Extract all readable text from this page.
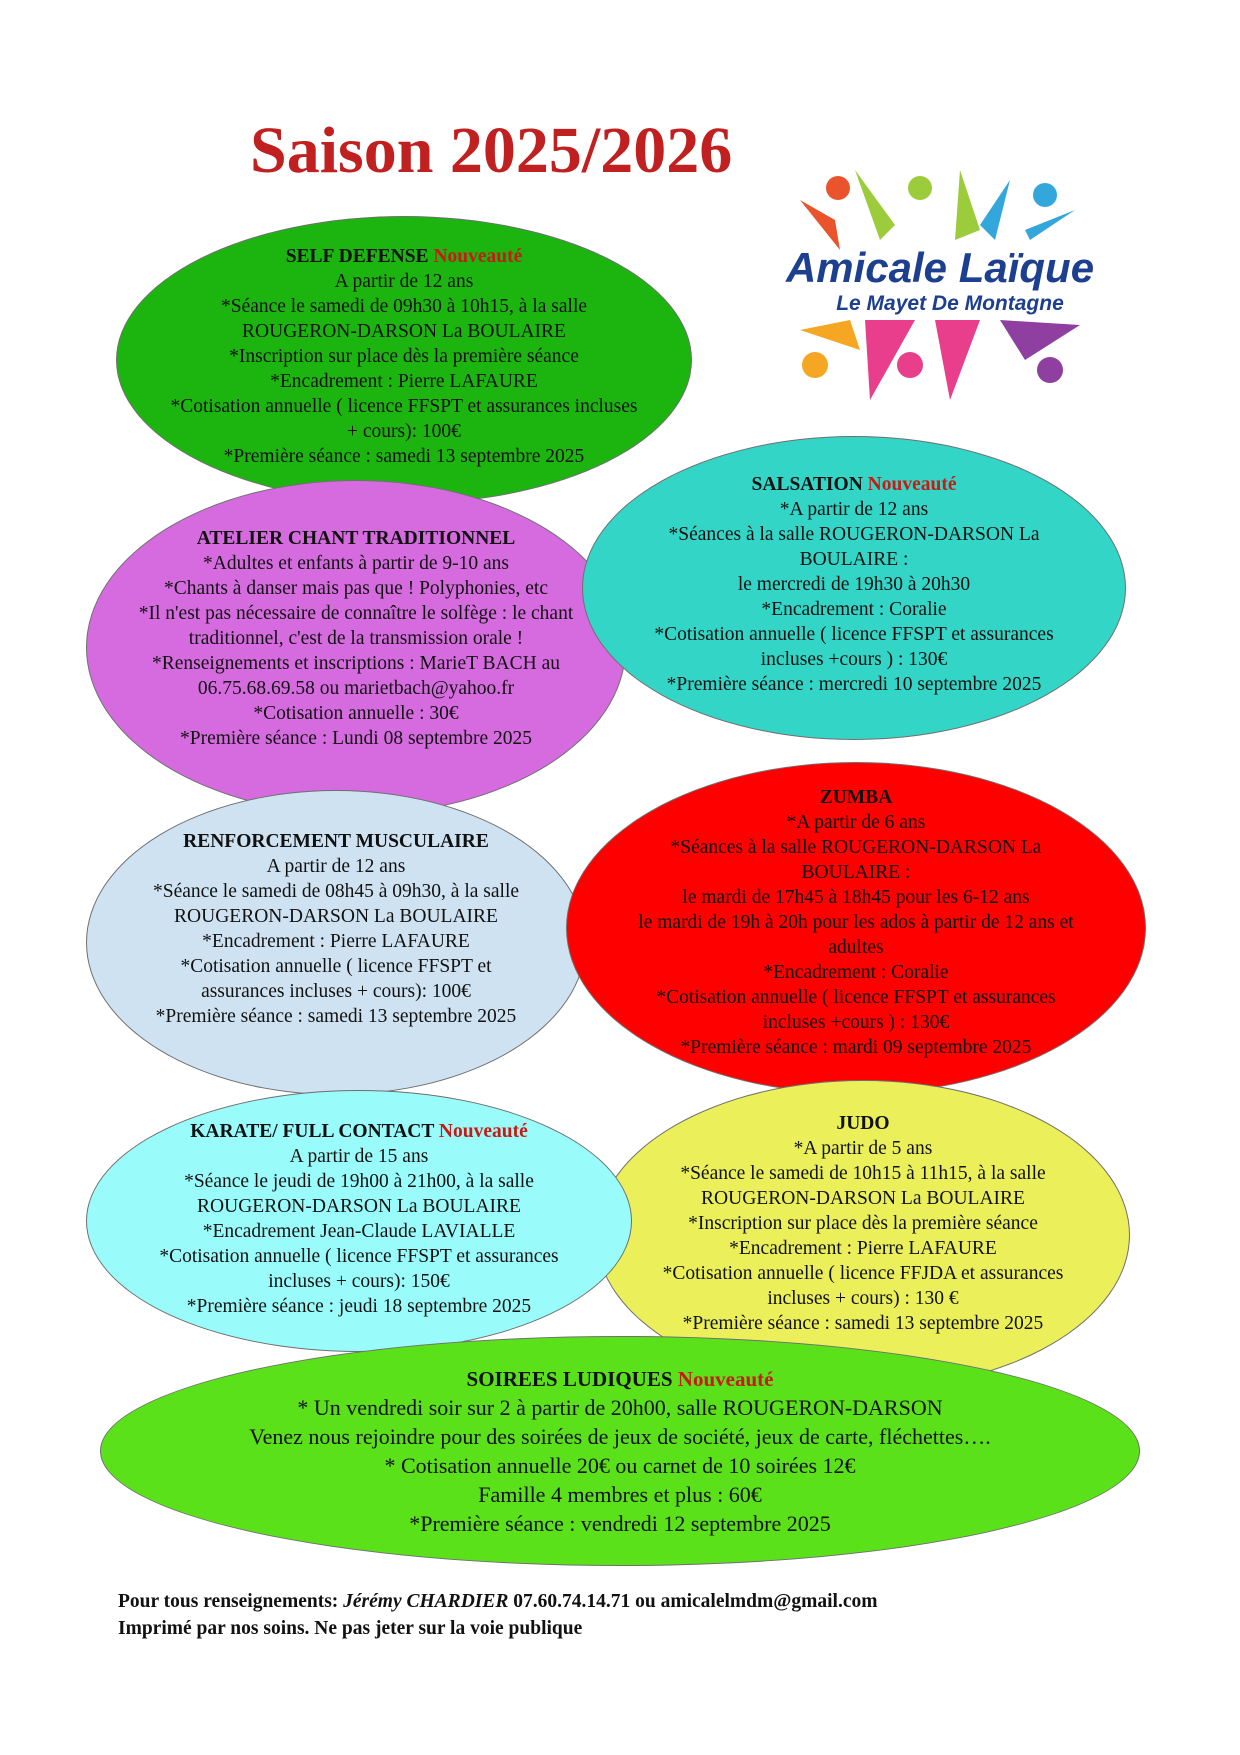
Saison 2025/2026
Amicale Laïque
Le Mayet De Montagne
SELF DEFENSE Nouveauté

A partir de 12 ans

*Séance le samedi de 09h30 à 10h15, à la salle ROUGERON-DARSON La BOULAIRE

*Inscription sur place dès la première séance

*Encadrement : Pierre LAFAURE

*Cotisation annuelle ( licence FFSPT et assurances incluses + cours): 100€

*Première séance : samedi 13 septembre 2025

ATELIER CHANT TRADITIONNEL

*Adultes et enfants à partir de 9-10 ans

*Chants à danser mais pas que ! Polyphonies, etc

*Il n'est pas nécessaire de connaître le solfège : le chant traditionnel, c'est de la transmission orale !

*Renseignements et inscriptions : MarieT BACH au 06.75.68.69.58 ou marietbach@yahoo.fr

*Cotisation annuelle : 30€

*Première séance : Lundi 08 septembre 2025

SALSATION Nouveauté

*A partir de 12 ans

*Séances à la salle ROUGERON-DARSON La BOULAIRE :

le mercredi de 19h30 à 20h30

*Encadrement : Coralie

*Cotisation annuelle ( licence FFSPT et assurances incluses +cours ) : 130€

*Première séance : mercredi 10 septembre 2025

RENFORCEMENT MUSCULAIRE

A partir de 12 ans

*Séance le samedi de 08h45 à 09h30, à la salle ROUGERON-DARSON La BOULAIRE

*Encadrement : Pierre LAFAURE

*Cotisation annuelle ( licence FFSPT et assurances incluses + cours): 100€

*Première séance : samedi 13 septembre 2025

ZUMBA

*A partir de 6 ans

*Séances à la salle ROUGERON-DARSON La BOULAIRE :

le mardi de 17h45 à 18h45 pour les 6-12 ans

le mardi de 19h à 20h pour les ados à partir de 12 ans et adultes

*Encadrement : Coralie

*Cotisation annuelle ( licence FFSPT et assurances incluses +cours ) : 130€

*Première séance : mardi 09 septembre 2025

JUDO

*A partir de 5 ans

*Séance le samedi de 10h15 à 11h15, à la salle ROUGERON-DARSON La BOULAIRE

*Inscription sur place dès la première séance

*Encadrement : Pierre LAFAURE

*Cotisation annuelle ( licence FFJDA et assurances incluses + cours) : 130 €

*Première séance : samedi 13 septembre 2025

KARATE/ FULL CONTACT Nouveauté

A partir de 15 ans

*Séance le jeudi de 19h00 à 21h00, à la salle ROUGERON-DARSON La BOULAIRE

*Encadrement Jean-Claude LAVIALLE

*Cotisation annuelle ( licence FFSPT et assurances incluses + cours): 150€

*Première séance : jeudi 18 septembre 2025

SOIREES LUDIQUES Nouveauté

* Un vendredi soir sur 2 à partir de 20h00, salle ROUGERON-DARSON

Venez nous rejoindre pour des soirées de jeux de société, jeux de carte, fléchettes….

* Cotisation annuelle 20€ ou carnet de 10 soirées 12€

Famille 4 membres et plus : 60€

*Première séance : vendredi 12 septembre 2025

Pour tous renseignements: Jérémy CHARDIER 07.60.74.14.71 ou amicalelmdm@gmail.com
Imprimé par nos soins. Ne pas jeter sur la voie publique
